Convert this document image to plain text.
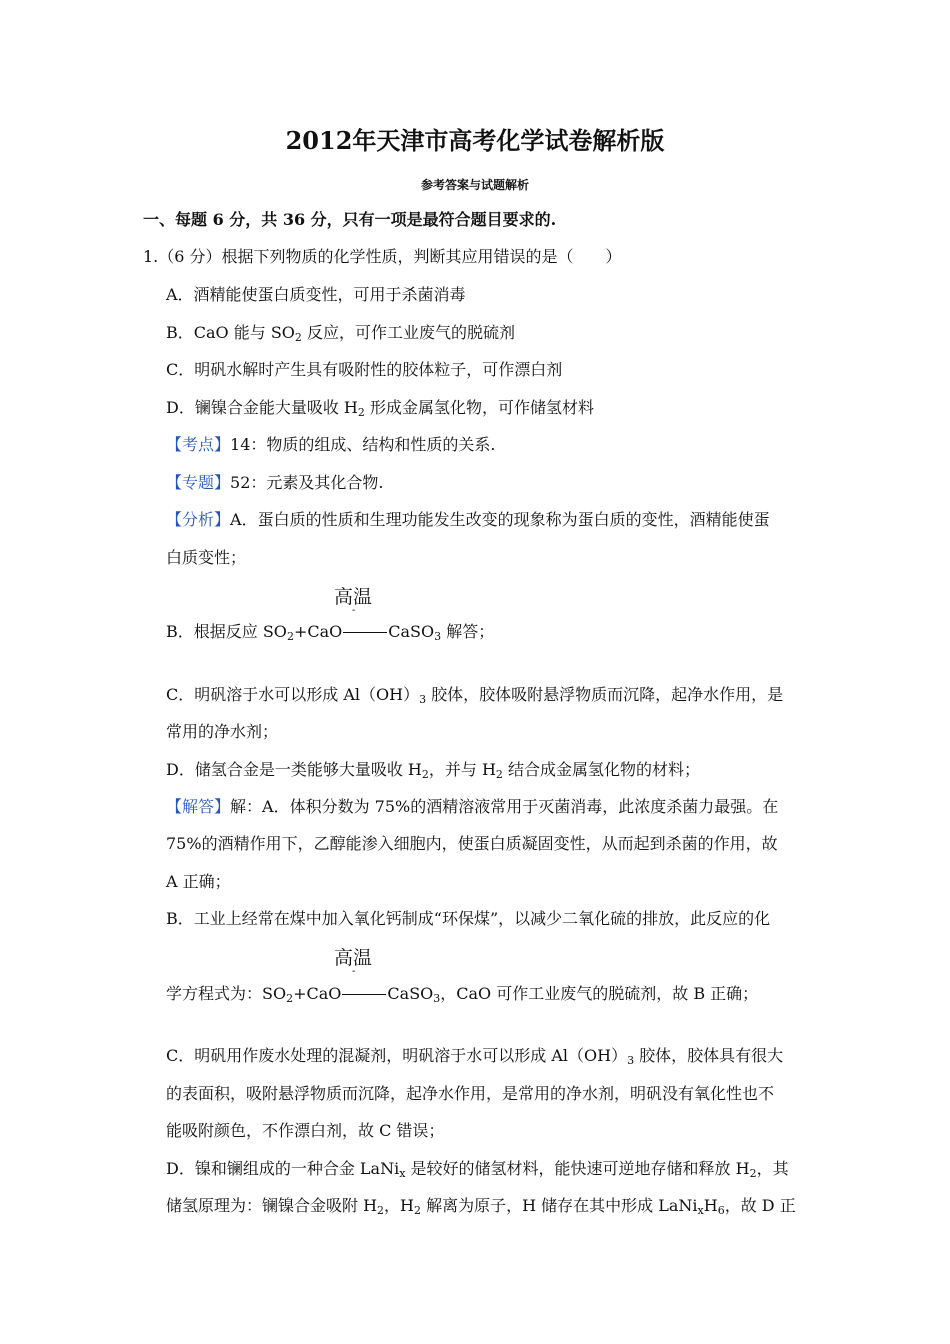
2012年天津市高考化学试卷解析版
参考答案与试题解析
一、每题 6 分，共 36 分，只有一项是最符合题目要求的.
1.（6 分）根据下列物质的化学性质，判断其应用错误的是（　　）
A．酒精能使蛋白质变性，可用于杀菌消毒
B．CaO 能与 $SO_2$ 反应，可作工业废气的脱硫剂
C．明矾水解时产生具有吸附性的胶体粒子，可作漂白剂
D．镧镍合金能大量吸收 $H_2$ 形成金属氢化物，可作储氢材料
【考点】14：物质的组成、结构和性质的关系.
【专题】52：元素及其化合物.
【分析】A．蛋白质的性质和生理功能发生改变的现象称为蛋白质的变性，酒精能使蛋
白质变性；
高温
-
B．根据反应 $SO_2+CaO$	CaSO$_3$ 解答；
C．明矾溶于水可以形成 $Al(OH)_3$ 胶体，胶体吸附悬浮物质而沉降，起净水作用，是
常用的净水剂；
D．储氢合金是一类能够大量吸收 $H_2$，并与 $H_2$ 结合成金属氢化物的材料；
【解答】解：A．体积分数为 75%的酒精溶液常用于灭菌消毒，此浓度杀菌力最强。在
75%的酒精作用下，乙醇能渗入细胞内，使蛋白质凝固变性，从而起到杀菌的作用，故
A 正确；
B．工业上经常在煤中加入氧化钙制成“环保煤”，以减少二氧化硫的排放，此反应的化
高温
-
学方程式为：$SO_2+CaO$	CaSO$_3$，CaO 可作工业废气的脱硫剂，故 B 正确；
C．明矾用作废水处理的混凝剂，明矾溶于水可以形成 $Al(OH)_3$ 胶体，胶体具有很大
的表面积，吸附悬浮物质而沉降，起净水作用，是常用的净水剂，明矾没有氧化性也不
能吸附颜色，不作漂白剂，故 C 错误；
D．镍和镧组成的一种合金 LaNi$_x$ 是较好的储氢材料，能快速可逆地存储和释放 $H_2$，其
储氢原理为：镧镍合金吸附 $H_2$，$H_2$ 解离为原子，H 储存在其中形成 $LaNi_xH_6$，故 D 正
